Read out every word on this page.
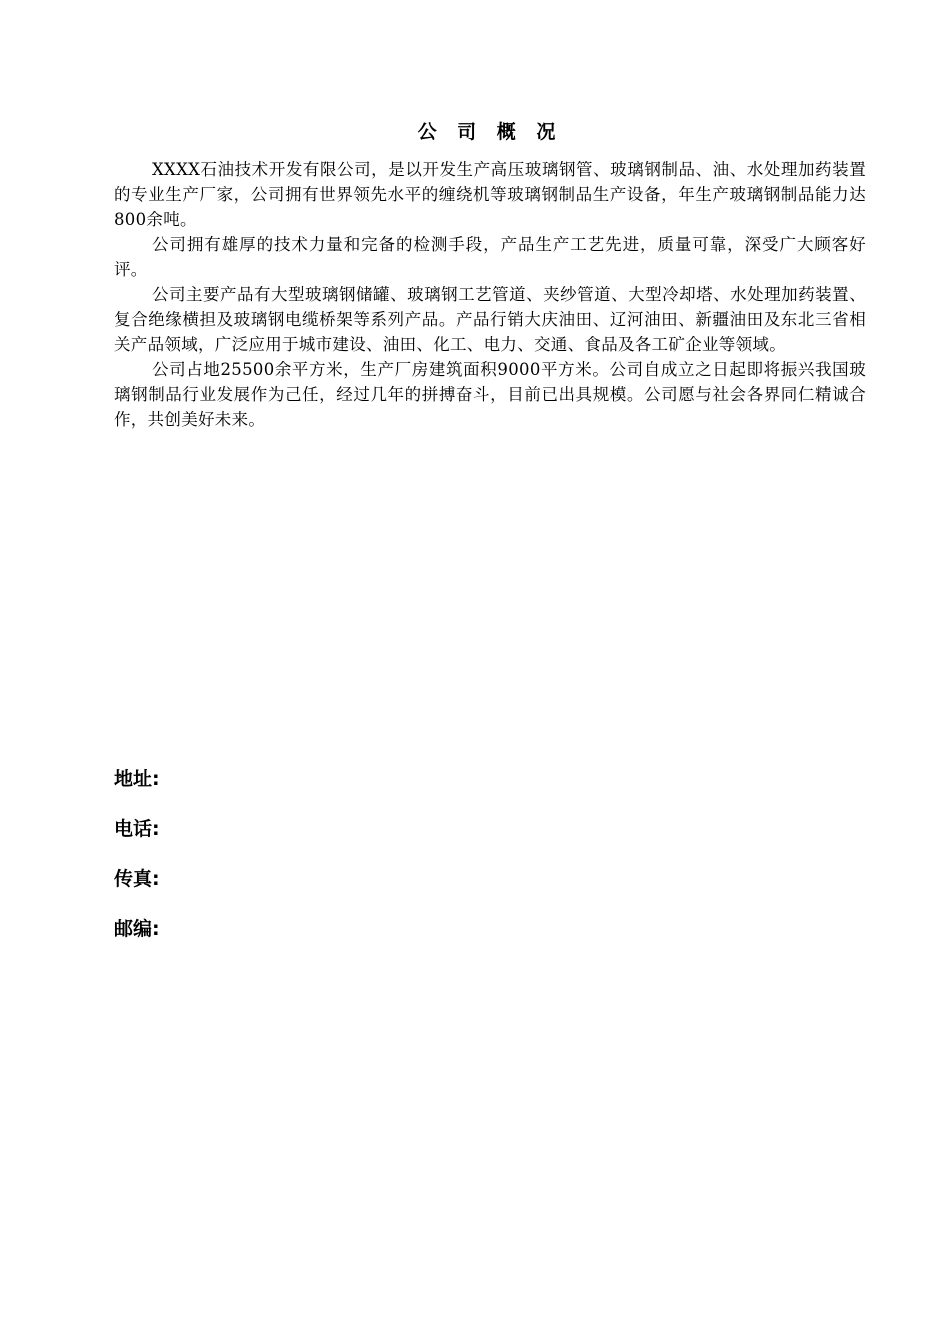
公 司 概 况

XXXX石油技术开发有限公司，是以开发生产高压玻璃钢管、玻璃钢制品、油、水处理加药装置的专业生产厂家，公司拥有世界领先水平的缠绕机等玻璃钢制品生产设备，年生产玻璃钢制品能力达800余吨。

公司拥有雄厚的技术力量和完备的检测手段，产品生产工艺先进，质量可靠，深受广大顾客好评。

公司主要产品有大型玻璃钢储罐、玻璃钢工艺管道、夹纱管道、大型冷却塔、水处理加药装置、复合绝缘横担及玻璃钢电缆桥架等系列产品。产品行销大庆油田、辽河油田、新疆油田及东北三省相关产品领域，广泛应用于城市建设、油田、化工、电力、交通、食品及各工矿企业等领域。

公司占地25500余平方米，生产厂房建筑面积9000平方米。公司自成立之日起即将振兴我国玻璃钢制品行业发展作为己任，经过几年的拼搏奋斗，目前已出具规模。公司愿与社会各界同仁精诚合作，共创美好未来。

地址:
电话:
传真:
邮编:
